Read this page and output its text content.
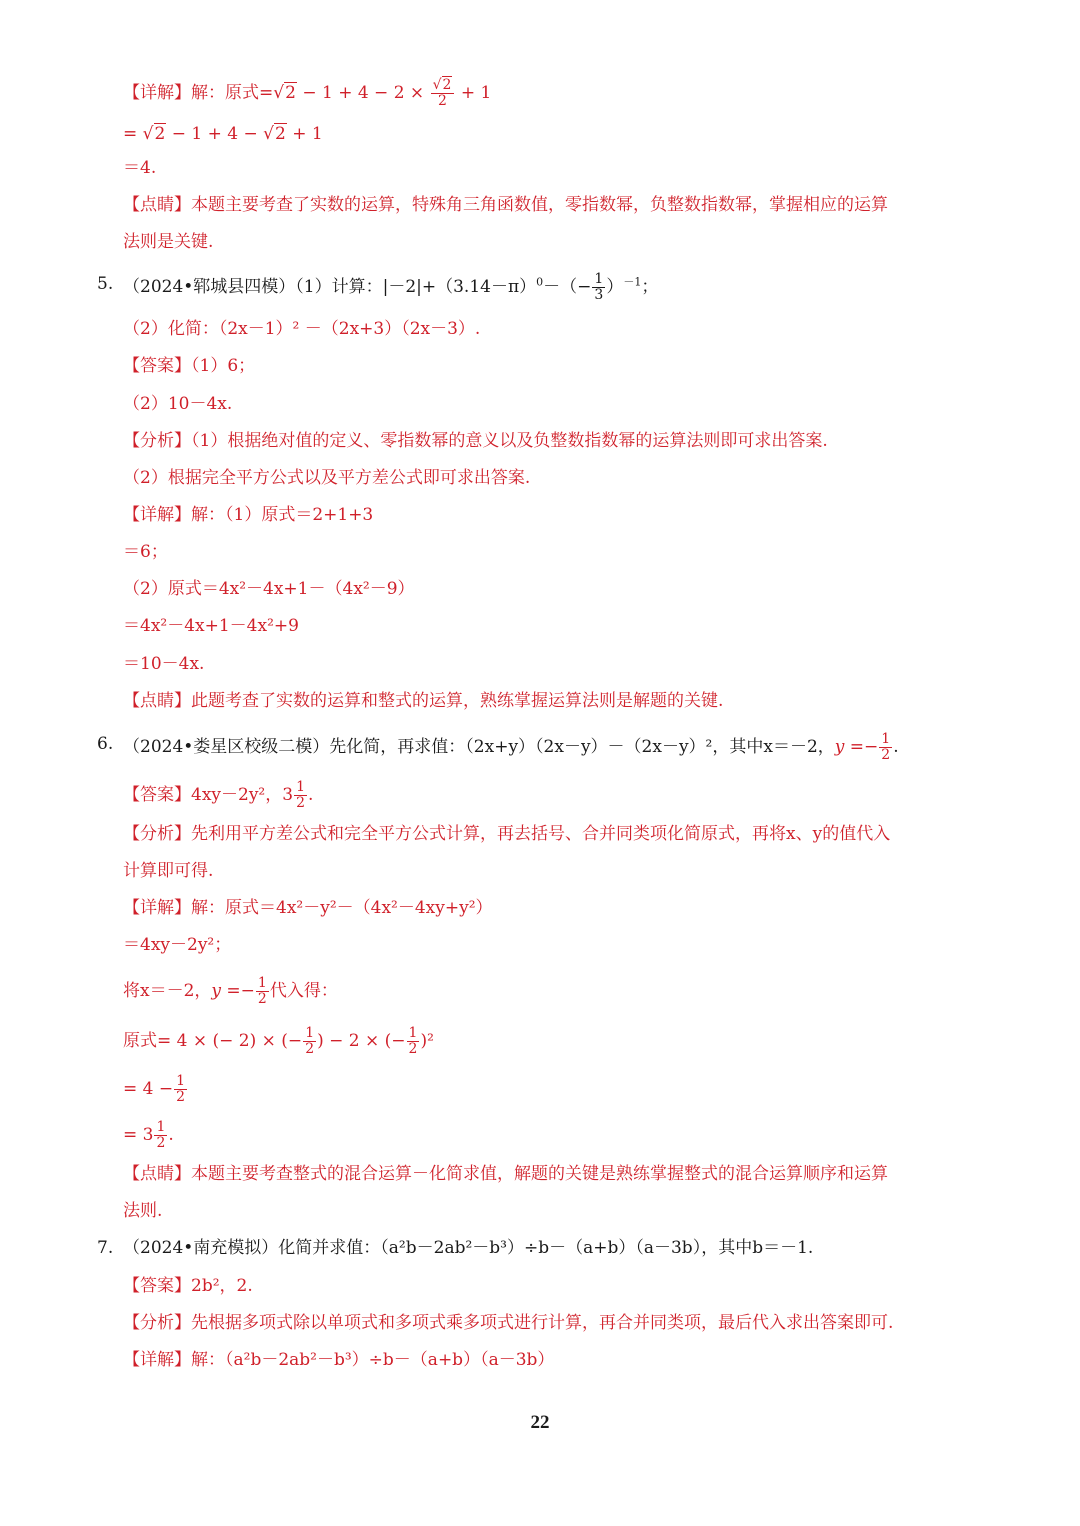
【详解】解：原式$=√2 - 1 + 4 - 2 \times \frac{√2}{2} + 1$
= √2 − 1 + 4 − √2 + 1
＝4.
【点睛】本题主要考查了实数的运算，特殊角三角函数值，零指数幂，负整数指数幂，掌握相应的运算
法则是关键.
5. （2024•郓城县四模）（1）计算：$|-2|+(3.14-\pi)^0-(- \frac{1}{3} )^{-1}$；
（2）化简：（2x－1）² －（2x+3）（2x－3）.
【答案】（1）6；
（2）10－4x.
【分析】（1）根据绝对值的定义、零指数幂的意义以及负整数指数幂的运算法则即可求出答案.
（2）根据完全平方公式以及平方差公式即可求出答案.
【详解】解：（1）原式＝2+1+3
＝6；
（2）原式＝4x²－4x+1－（4x²－9）
＝4x²－4x+1－4x²+9
＝10－4x.
【点睛】此题考查了实数的运算和整式的运算，熟练掌握运算法则是解题的关键.
6. （2024•娄星区校级二模）先化简，再求值：（2x+y）（2x－y）－（2x－y）²，其中x＝－2，$y =- \frac{1}{2}$ .
【答案】4xy－2y²，$3 \frac{1}{2}$ .
【分析】先利用平方差公式和完全平方公式计算，再去括号、合并同类项化简原式，再将x、y的值代入
计算即可得.
【详解】解：原式＝4x²－y²－（4x²－4xy+y²）
＝4xy－2y²；
将x＝－2，$y =- \frac{1}{2}$ 代入得：
原式= 4 × (− 2) × (− $\frac{1}{2}$ ) − 2 × (− $\frac{1}{2} )^2$
= $4 - \frac{1}{2}$
= $3 \frac{1}{2}$ .
【点睛】本题主要考查整式的混合运算－化简求值，解题的关键是熟练掌握整式的混合运算顺序和运算
法则.
7. （2024•南充模拟）化简并求值：（a²b－2ab²－b³）÷b－（a+b）（a－3b），其中b＝－1.
【答案】2b²，2.
【分析】先根据多项式除以单项式和多项式乘多项式进行计算，再合并同类项，最后代入求出答案即可.
【详解】解：（a²b－2ab²－b³）÷b－（a+b）（a－3b）
22
